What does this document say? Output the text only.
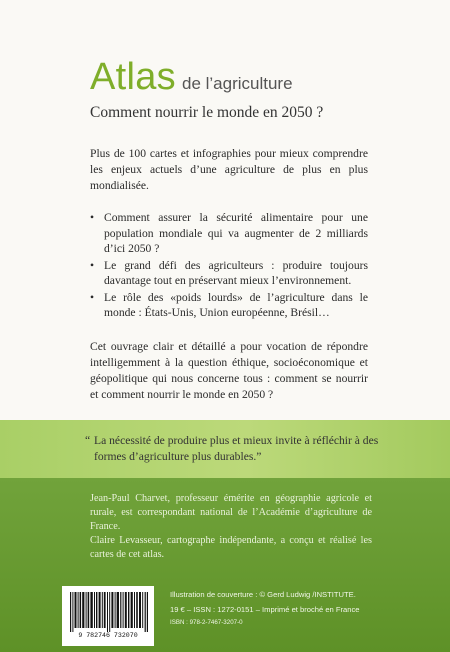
Atlas de l’agriculture
Comment nourrir le monde en 2050 ?
Plus de 100 cartes et infographies pour mieux comprendre les enjeux actuels d’une agriculture de plus en plus mondialisée.
• Comment assurer la sécurité alimentaire pour une population mondiale qui va augmenter de 2 milliards d’ici 2050 ?
• Le grand défi des agriculteurs : produire toujours davantage tout en préservant mieux l’environnement.
• Le rôle des «poids lourds» de l’agriculture dans le monde : États-Unis, Union européenne, Brésil…
Cet ouvrage clair et détaillé a pour vocation de répondre intelligemment à la question éthique, socioéconomique et géopolitique qui nous concerne tous : comment se nourrir et comment nourrir le monde en 2050 ?
“ La nécessité de produire plus et mieux invite à réfléchir à des formes d’agriculture plus durables.”

Jean-Paul Charvet, professeur émérite en géographie agricole et rurale, est correspondant national de l’Académie d’agriculture de France.

Claire Levasseur, cartographe indépendante, a conçu et réalisé les cartes de cet atlas.

9 782746 732070
Illustration de couverture : © Gerd Ludwig /INSTITUTE.
19 € – ISSN : 1272-0151 – Imprimé et broché en France
ISBN : 978-2-7467-3207-0
